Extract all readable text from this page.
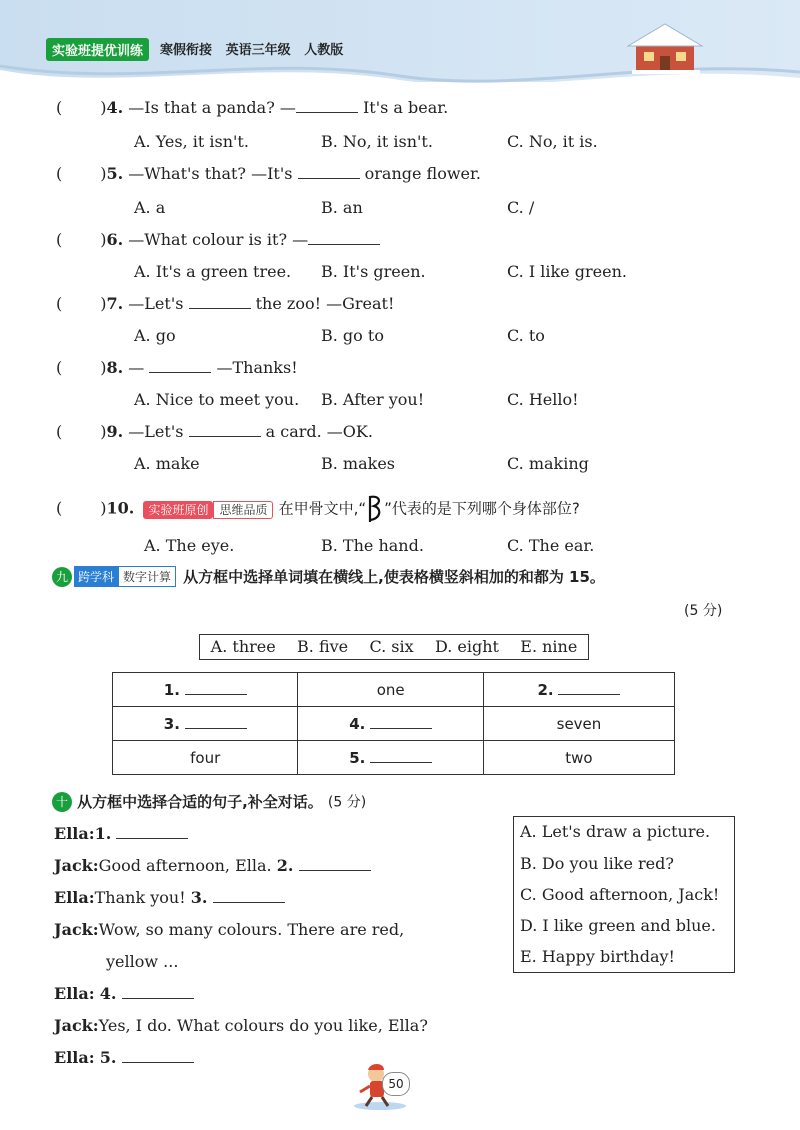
实验班提优训练	寒假衔接 英语三年级 人教版
( )4. —Is that a panda? —	It's a bear.
A. Yes, it isn't.	B. No, it isn't.	C. No, it is.
( )5. —What's that? —It's	orange flower.
A. a	B. an	C. /
( )6. —What colour is it? —
A. It's a green tree. B. It's green.	C. I like green.
( )7. —Let's	the zoo! —Great!
A. go	B. go to	C. to
( )8. —	—Thanks!
A. Nice to meet you. B. After you!	C. Hello!
( )9. —Let's	a card. —OK.
A. make	B. makes	C. making
( )10. 实验班原创 思维品质 在甲骨文中,“ ”代表的是下列哪个身体部位?
A. The eye.	B. The hand.	C. The ear.
九 跨学科 数字计算 从方框中选择单词填在横线上,使表格横竖斜相加的和都为 15。
(5 分)
A. three B. five C. six D. eight E. nine
1.	one	2.
3.	4.	seven
four	5.	two
十 从方框中选择合适的句子,补全对话。 (5 分)
Ella:1.
Jack:Good afternoon, Ella. 2.
Ella:Thank you! 3.
Jack:Wow, so many colours. There are red,
yellow ...
Ella: 4.
Jack:Yes, I do. What colours do you like, Ella?
Ella: 5.
A. Let's draw a picture.
B. Do you like red?
C. Good afternoon, Jack!
D. I like green and blue.
E. Happy birthday!
50
